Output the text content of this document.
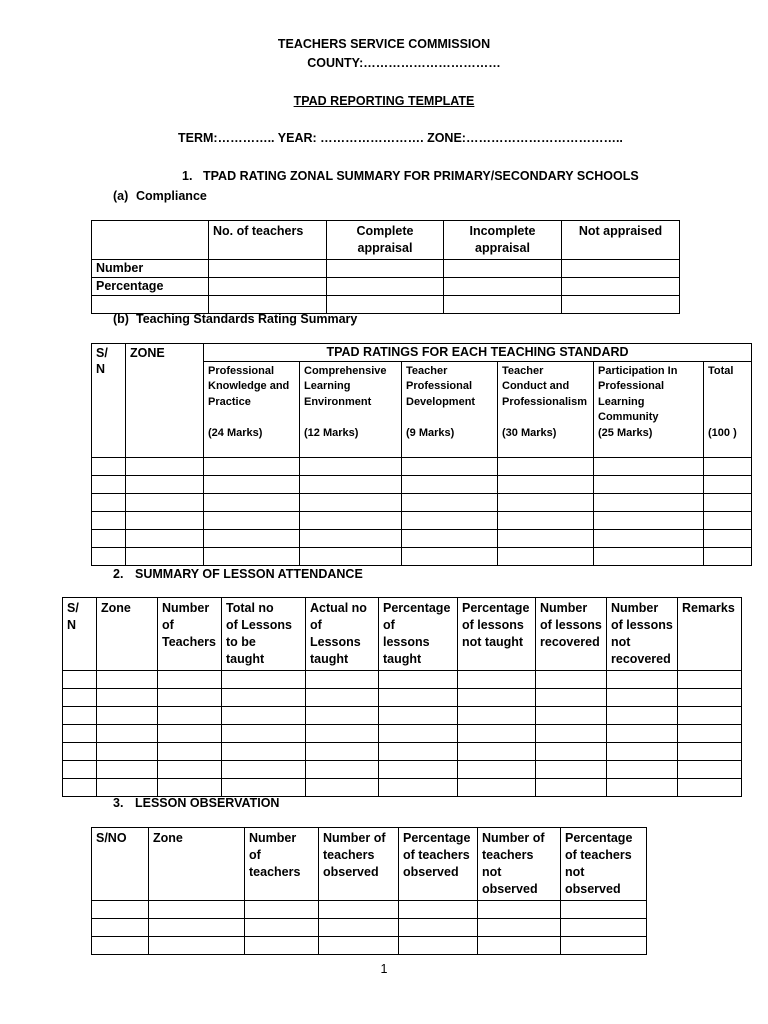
TEACHERS SERVICE COMMISSION
COUNTY:……………………………
TPAD REPORTING TEMPLATE
TERM:………….. YEAR: ……………………. ZONE:………………………………..
1. TPAD RATING ZONAL SUMMARY FOR PRIMARY/SECONDARY SCHOOLS
(a) Compliance
	No. of teachers	Complete
appraisal	Incomplete
appraisal	Not appraised
Number				
Percentage				

(b) Teaching Standards Rating Summary
S/
N	ZONE	TPAD RATINGS FOR EACH TEACHING STANDARD					

		Professional
Knowledge and
Practice
(24 Marks)	Comprehensive
Learning
Environment
(12 Marks)	Teacher
Professional
Development
(9 Marks)	Teacher
Conduct and
Professionalism
(30 Marks)	Participation In
Professional
Learning
Community
(25 Marks)	Total
(100 )

2. SUMMARY OF LESSON ATTENDANCE
S/
N	Zone	Number
of
Teachers	Total no
of Lessons
to be
taught	Actual no
of Lessons
taught	Percentage
of
lessons
taught	Percentage
of lessons
not taught	Number
of lessons
recovered	Number
of lessons
not
recovered	Remarks

3. LESSON OBSERVATION
S/NO	Zone	Number
of
teachers	Number of
teachers
observed	Percentage
of teachers
observed	Number of
teachers
not
observed	Percentage
of teachers
not
observed

1
